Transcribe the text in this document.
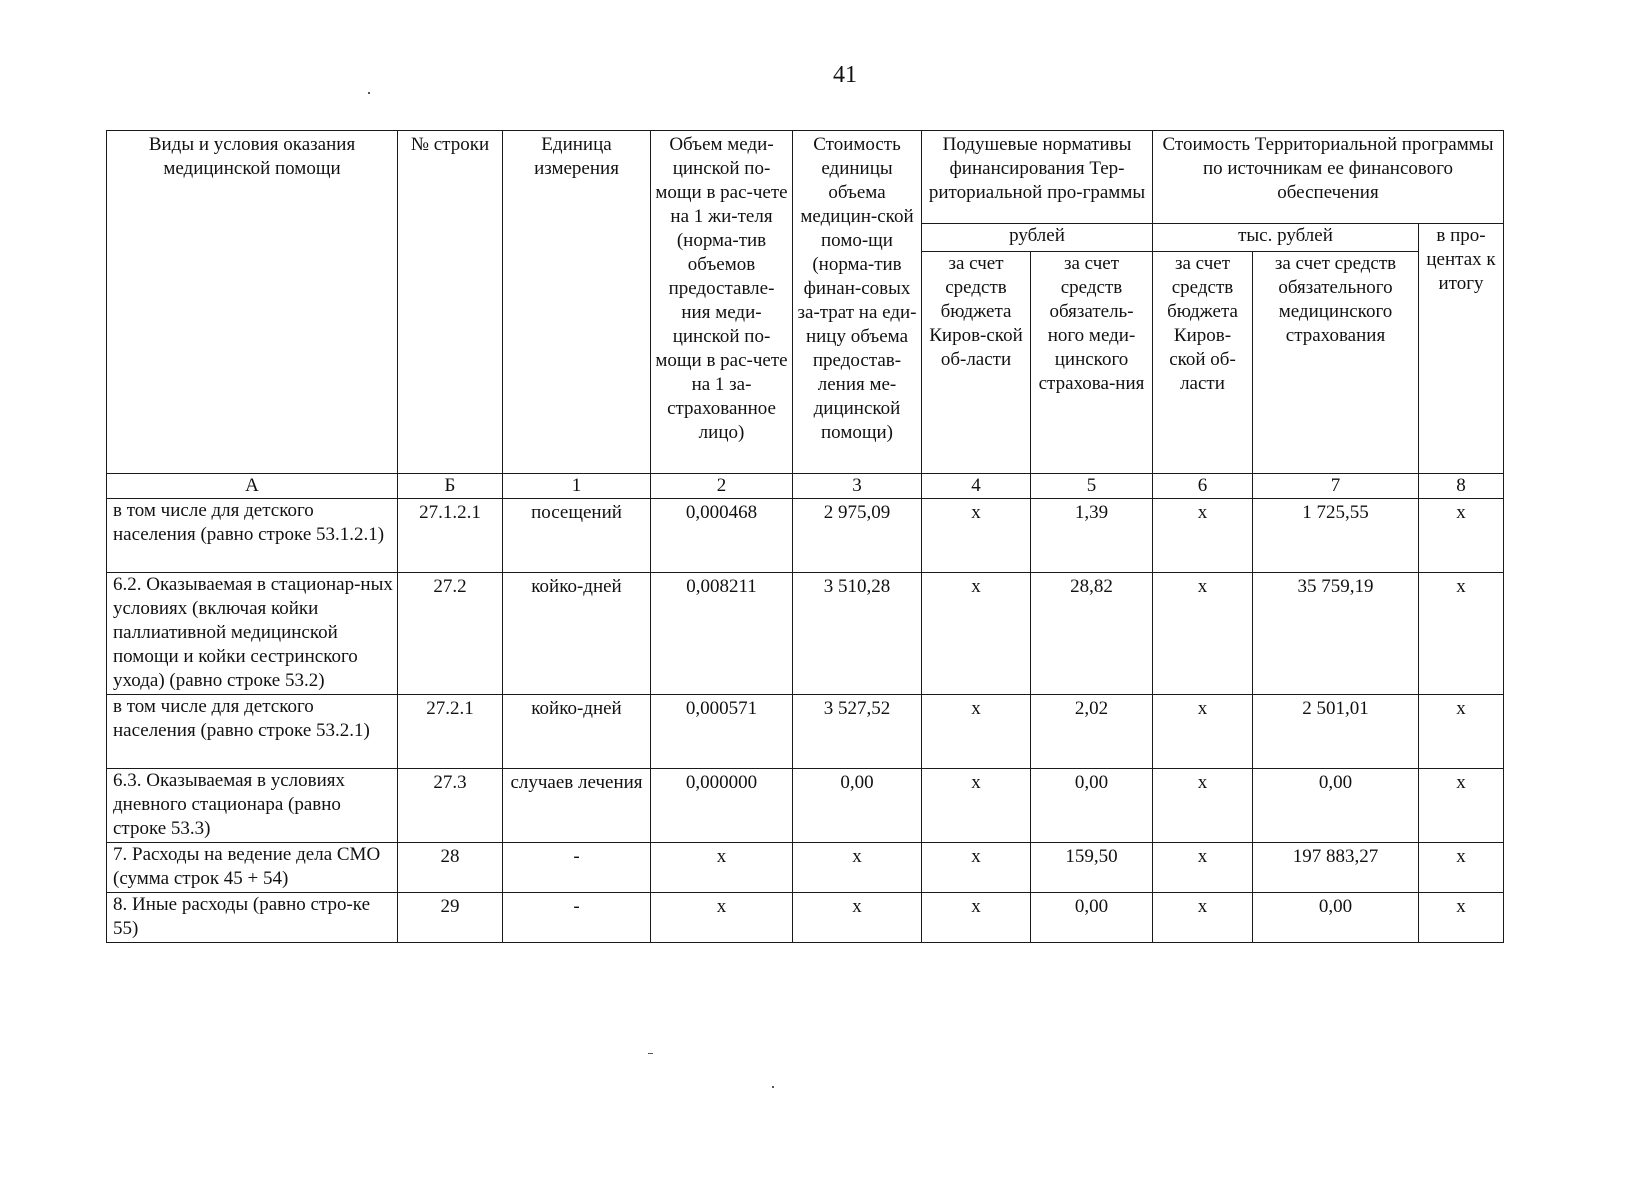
41
Виды и условия оказания медицинской помощи	№ строки	Единица измерения	Объем меди-цинской по-мощи в рас-чете на 1 жи-теля (норма-тив объемов предоставле-ния меди-цинской по-мощи в рас-чете на 1 за-страхованное лицо)	Стоимость единицы объема медицин-ской помо-щи (норма-тив финан-совых за-трат на еди-ницу объема предостав-ления ме-дицинской помощи)	Подушевые нормативы финансирования Тер-риториальной про-граммы		Стоимость Территориальной программы по источникам ее финансового обеспечения		
					рублей		тыс. рублей		в про-центах к итогу
					за счет средств бюджета Киров-ской об-ласти	за счет средств обязатель-ного меди-цинского страхова-ния	за счет средств бюджета Киров-ской об-ласти	за счет средств обязательного медицинского страхования	
А	Б	1	2	3	4	5	6	7	8
в том числе для детского населения (равно строке 53.1.2.1)	27.1.2.1	посещений	0,000468	2 975,09	х	1,39	х	1 725,55	х
6.2. Оказываемая в стационар-ных условиях (включая койки паллиативной медицинской помощи и койки сестринского ухода) (равно строке 53.2)	27.2	койко-дней	0,008211	3 510,28	х	28,82	х	35 759,19	х
в том числе для детского населения (равно строке 53.2.1)	27.2.1	койко-дней	0,000571	3 527,52	х	2,02	х	2 501,01	х
6.3. Оказываемая в условиях дневного стационара (равно строке 53.3)	27.3	случаев лечения	0,000000	0,00	х	0,00	х	0,00	х
7. Расходы на ведение дела СМО (сумма строк 45 + 54)	28	-	х	х	х	159,50	х	197 883,27	х
8. Иные расходы (равно стро-ке 55)	29	-	х	х	х	0,00	х	0,00	х
